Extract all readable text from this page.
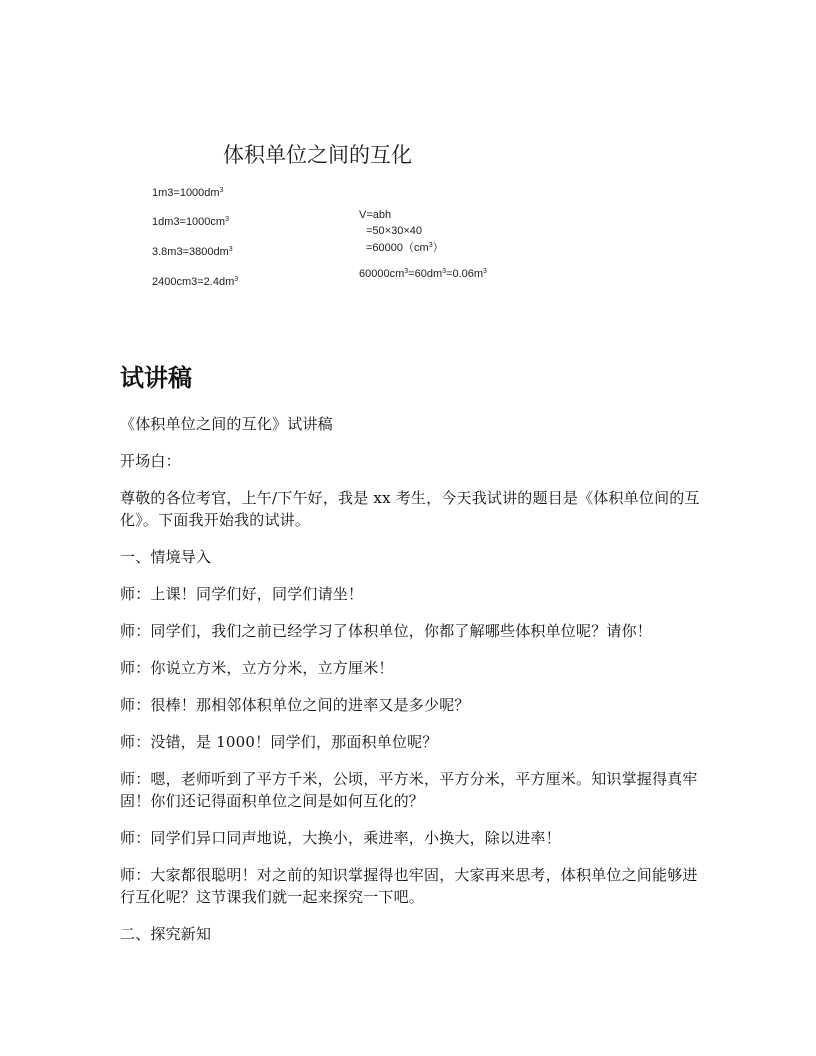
体积单位之间的互化
$1m3=1000dm^3$
$1dm3=1000cm^3$
$3.8m3=3800dm^3$
$2400cm3=2.4dm^3$
V=abh
=50×30×40
$=60000(cm^3)$
$60000cm^3=60dm^3=0.06m^3$
试讲稿

《体积单位之间的互化》试讲稿

开场白：

尊敬的各位考官，上午/下午好，我是 xx 考生，今天我试讲的题目是《体积单位间的互化》。下面我开始我的试讲。

一、情境导入

师：上课！同学们好，同学们请坐！

师：同学们，我们之前已经学习了体积单位，你都了解哪些体积单位呢？请你！

师：你说立方米，立方分米，立方厘米！

师：很棒！那相邻体积单位之间的进率又是多少呢？

师：没错，是 1000！同学们，那面积单位呢？

师：嗯，老师听到了平方千米，公顷，平方米，平方分米，平方厘米。知识掌握得真牢固！你们还记得面积单位之间是如何互化的？

师：同学们异口同声地说，大换小，乘进率，小换大，除以进率！

师：大家都很聪明！对之前的知识掌握得也牢固，大家再来思考，体积单位之间能够进行互化呢？这节课我们就一起来探究一下吧。

二、探究新知
